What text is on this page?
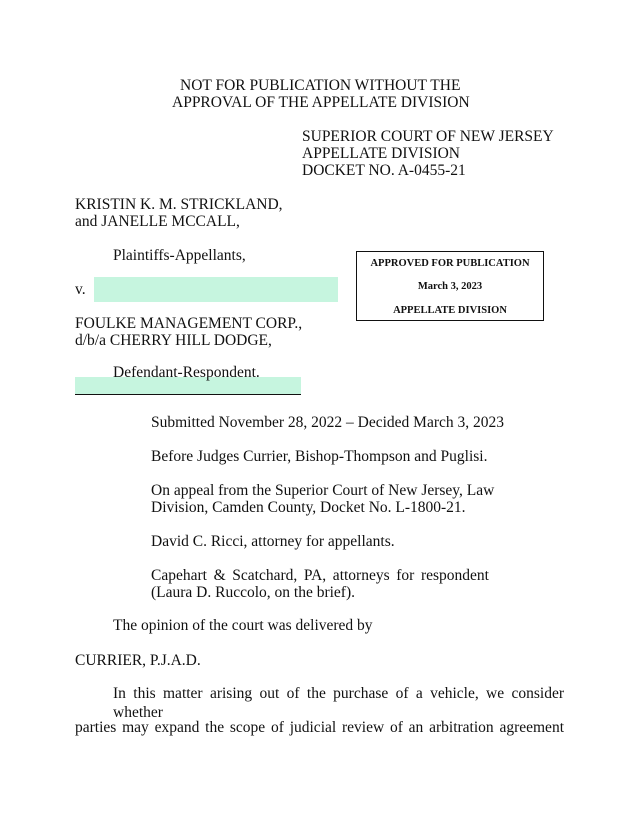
NOT FOR PUBLICATION WITHOUT THE
APPROVAL OF THE APPELLATE DIVISION
SUPERIOR COURT OF NEW JERSEY
APPELLATE DIVISION
DOCKET NO. A-0455-21
KRISTIN K. M. STRICKLAND,
and JANELLE MCCALL,
Plaintiffs-Appellants,
v.
FOULKE MANAGEMENT CORP.,
d/b/a CHERRY HILL DODGE,
Defendant-Respondent.
APPROVED FOR PUBLICATION
March 3, 2023
APPELLATE DIVISION
Submitted November 28, 2022 – Decided March 3, 2023
Before Judges Currier, Bishop-Thompson and Puglisi.
On appeal from the Superior Court of New Jersey, Law
Division, Camden County, Docket No. L-1800-21.
David C. Ricci, attorney for appellants.
Capehart & Scatchard, PA, attorneys for respondent
(Laura D. Ruccolo, on the brief).
The opinion of the court was delivered by
CURRIER, P.J.A.D.
In this matter arising out of the purchase of a vehicle, we consider whether
parties may expand the scope of judicial review of an arbitration agreement
